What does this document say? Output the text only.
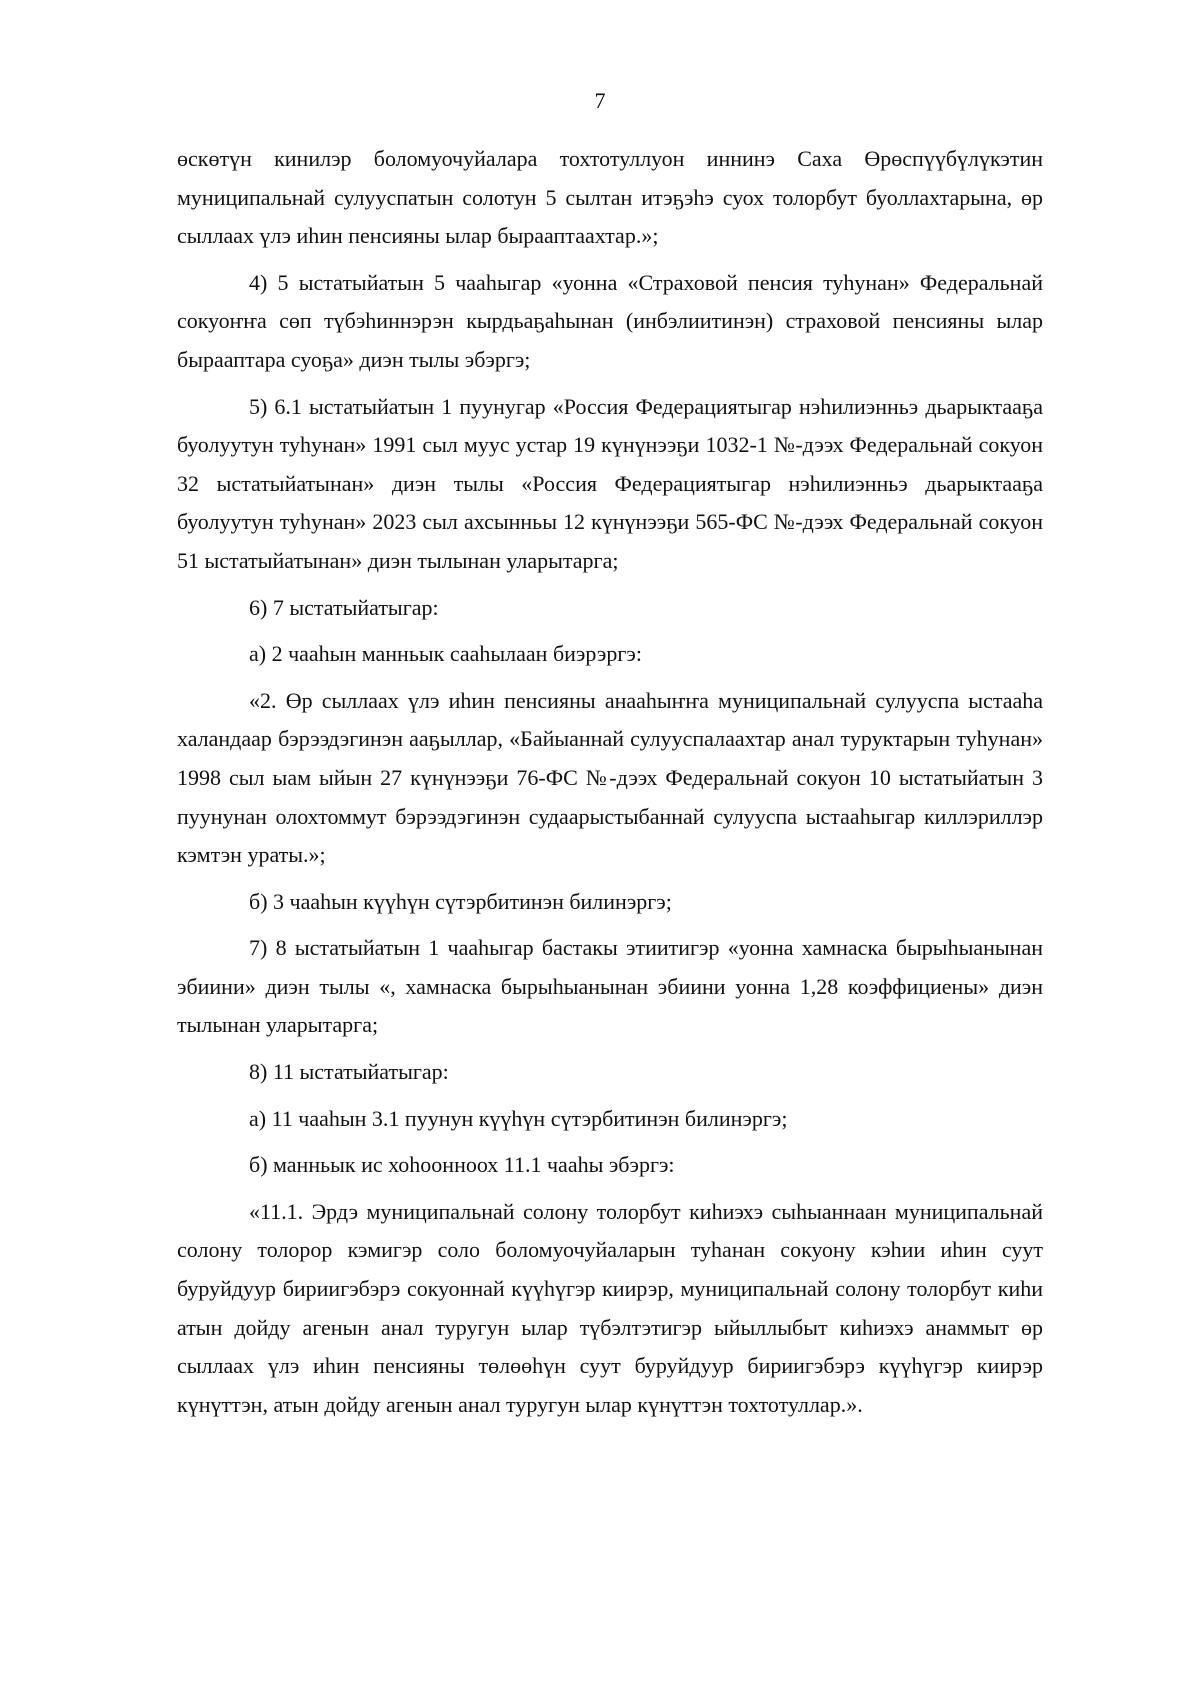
7

өскөтүн кинилэр боломуочуйалара тохтотуллуон иннинэ Саха Өрөспүүбүлүкэтин муниципальнай сулууспатын солотун 5 сылтан итэҕэһэ суох толорбут буоллахтарына, өр сыллаах үлэ иһин пенсияны ылар бырааптаахтар.»;

4) 5 ыстатыйатын 5 чааһыгар «уонна «Страховой пенсия туһунан» Федеральнай сокуоҥҥа сөп түбэһиннэрэн кырдьаҕаһынан (инбэлиитинэн) страховой пенсияны ылар бырааптара суоҕа» диэн тылы эбэргэ;

5) 6.1 ыстатыйатын 1 пуунугар «Россия Федерациятыгар нэһилиэнньэ дьарыктааҕа буолуутун туһунан» 1991 сыл муус устар 19 күнүнээҕи 1032-1 №-дээх Федеральнай сокуон 32 ыстатыйатынан» диэн тылы «Россия Федерациятыгар нэһилиэнньэ дьарыктааҕа буолуутун туһунан» 2023 сыл ахсынньы 12 күнүнээҕи 565-ФС №-дээх Федеральнай сокуон 51 ыстатыйатынан» диэн тылынан уларытарга;

6) 7 ыстатыйатыгар:

а) 2 чааһын манньык сааһылаан биэрэргэ:

«2. Өр сыллаах үлэ иһин пенсияны анааһыҥҥа муниципальнай сулууспа ыстааһа халандаар бэрээдэгинэн ааҕыллар, «Байыаннай сулууспалаахтар анал туруктарын туһунан» 1998 сыл ыам ыйын 27 күнүнээҕи 76-ФС №-дээх Федеральнай сокуон 10 ыстатыйатын 3 пуунунан олохтоммут бэрээдэгинэн судаарыстыбаннай сулууспа ыстааһыгар киллэриллэр кэмтэн ураты.»;

б) 3 чааһын күүһүн сүтэрбитинэн билинэргэ;

7) 8 ыстатыйатын 1 чааһыгар бастакы этиитигэр «уонна хамнаска бырыһыанынан эбиини» диэн тылы «, хамнаска бырыһыанынан эбиини уонна 1,28 коэффициены» диэн тылынан уларытарга;

8) 11 ыстатыйатыгар:

а) 11 чааһын 3.1 пуунун күүһүн сүтэрбитинэн билинэргэ;

б) манньык ис хоһоонноох 11.1 чааһы эбэргэ:

«11.1. Эрдэ муниципальнай солону толорбут киһиэхэ сыһыаннаан муниципальнай солону толорор кэмигэр соло боломуочуйаларын туһанан сокуону кэһии иһин суут буруйдуур бириигэбэрэ сокуоннай күүһүгэр киирэр, муниципальнай солону толорбут киһи атын дойду агенын анал туругун ылар түбэлтэтигэр ыйыллыбыт киһиэхэ анаммыт өр сыллаах үлэ иһин пенсияны төлөөһүн суут буруйдуур бириигэбэрэ күүһүгэр киирэр күнүттэн, атын дойду агенын анал туругун ылар күнүттэн тохтотуллар.».
